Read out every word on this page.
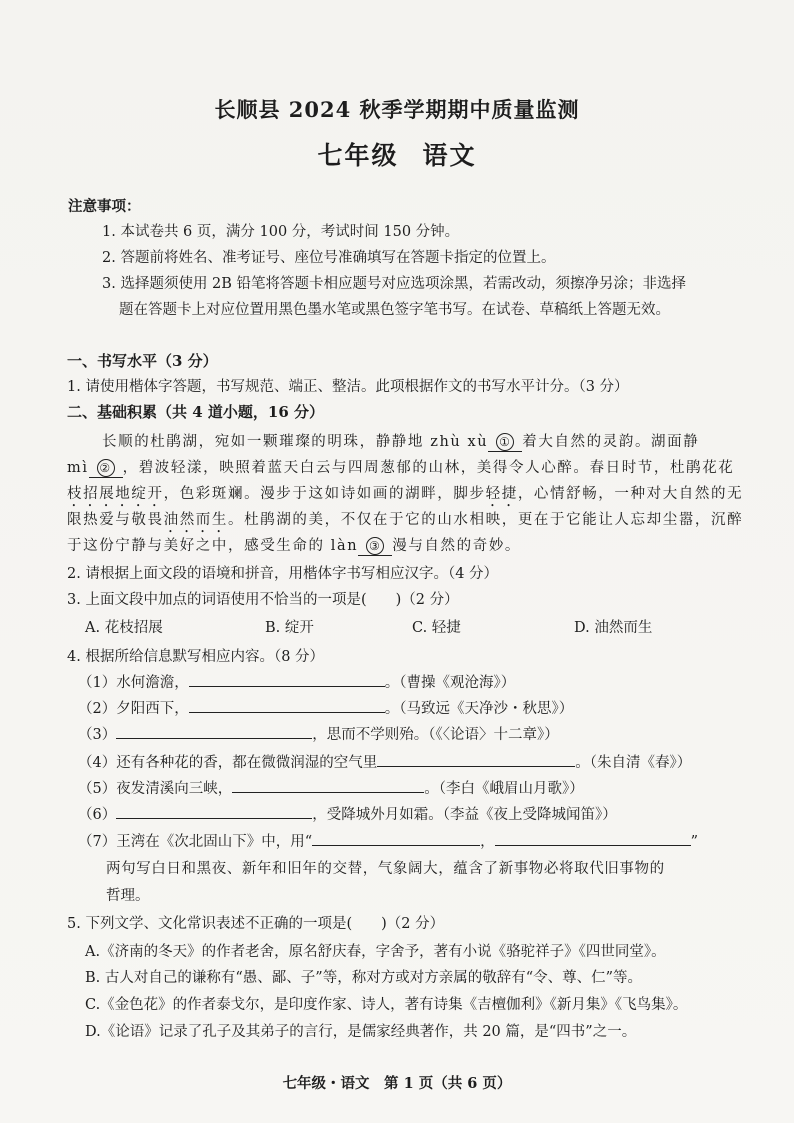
长顺县 2024 秋季学期期中质量监测
七年级 语文
注意事项：
1. 本试卷共 6 页，满分 100 分，考试时间 150 分钟。
2. 答题前将姓名、准考证号、座位号准确填写在答题卡指定的位置上。
3. 选择题须使用 2B 铅笔将答题卡相应题号对应选项涂黑，若需改动，须擦净另涂；非选择
题在答题卡上对应位置用黑色墨水笔或黑色签字笔书写。在试卷、草稿纸上答题无效。
一、书写水平（3 分）
1. 请使用楷体字答题，书写规范、端正、整洁。此项根据作文的书写水平计分。（3 分）
二、基础积累（共 4 道小题，16 分）
长顺的杜鹃湖，宛如一颗璀璨的明珠，静静地 zhù xù ① 着大自然的灵韵。湖面静
mì ② ，碧波轻漾，映照着蓝天白云与四周葱郁的山林，美得令人心醉。春日时节，杜鹃花花
枝招展地绽开，色彩斑斓。漫步于这如诗如画的湖畔，脚步轻捷，心情舒畅，一种对大自然的无
限热爱与敬畏油然而生。杜鹃湖的美，不仅在于它的山水相映，更在于它能让人忘却尘嚣，沉醉
于这份宁静与美好之中，感受生命的 làn ③ 漫与自然的奇妙。
2. 请根据上面文段的语境和拼音，用楷体字书写相应汉字。（4 分）
3. 上面文段中加点的词语使用不恰当的一项是(　　)（2 分）
A. 花枝招展	B. 绽开	C. 轻捷	D. 油然而生
4. 根据所给信息默写相应内容。（8 分）
（1）水何澹澹，	。（曹操《观沧海》）
（2）夕阳西下，	。（马致远《天净沙・秋思》）
（3）	，思而不学则殆。（《〈论语〉十二章》）
（4）还有各种花的香，都在微微润湿的空气里	。（朱自清《春》）
（5）夜发清溪向三峡，	。（李白《峨眉山月歌》）
（6）	，受降城外月如霜。（李益《夜上受降城闻笛》）
（7）王湾在《次北固山下》中，用“	，	”
两句写白日和黑夜、新年和旧年的交替，气象阔大，蕴含了新事物必将取代旧事物的
哲理。
5. 下列文学、文化常识表述不正确的一项是(　　)（2 分）
A.《济南的冬天》的作者老舍，原名舒庆春，字舍予，著有小说《骆驼祥子》《四世同堂》。
B. 古人对自己的谦称有“愚、鄙、子”等，称对方或对方亲属的敬辞有“令、尊、仁”等。
C.《金色花》的作者泰戈尔，是印度作家、诗人，著有诗集《吉檀伽利》《新月集》《飞鸟集》。
D.《论语》记录了孔子及其弟子的言行，是儒家经典著作，共 20 篇，是“四书”之一。
七年级・语文　第 1 页（共 6 页）
